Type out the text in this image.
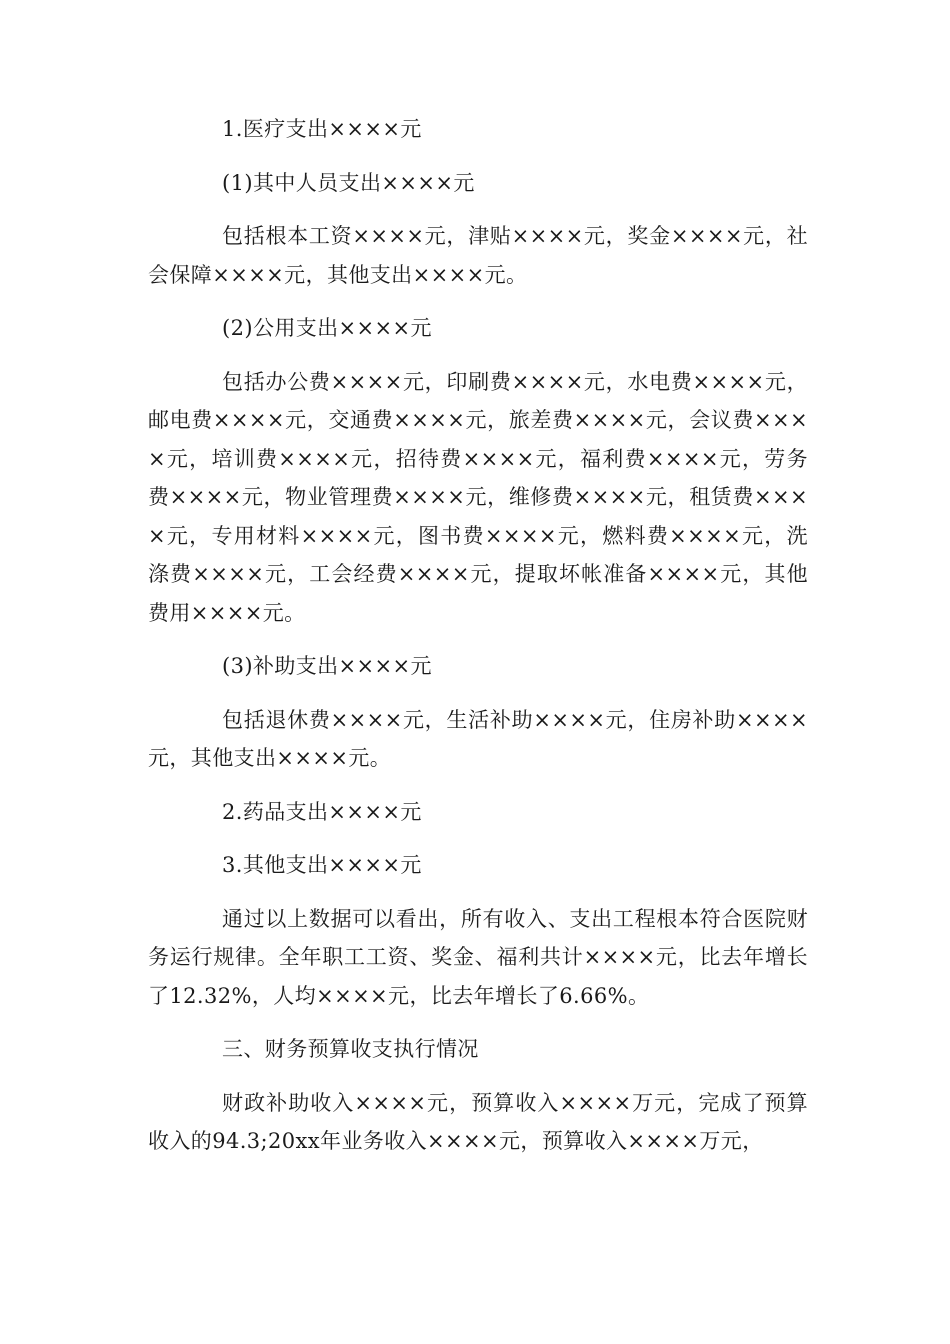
1.医疗支出××××元

(1)其中人员支出××××元

包括根本工资××××元，津贴××××元，奖金××××元，社会保障××××元，其他支出××××元。

(2)公用支出××××元

包括办公费××××元，印刷费××××元，水电费××××元，邮电费××××元，交通费××××元，旅差费××××元，会议费××××元，培训费××××元，招待费××××元，福利费××××元，劳务费××××元，物业管理费××××元，维修费××××元，租赁费××××元，专用材料××××元，图书费××××元，燃料费××××元，洗涤费××××元，工会经费××××元，提取坏帐准备××××元，其他费用××××元。

(3)补助支出××××元

包括退休费××××元，生活补助××××元，住房补助××××元，其他支出××××元。

2.药品支出××××元

3.其他支出××××元

通过以上数据可以看出，所有收入、支出工程根本符合医院财务运行规律。全年职工工资、奖金、福利共计××××元，比去年增长了12.32%，人均××××元，比去年增长了6.66%。

三、财务预算收支执行情况

财政补助收入××××元，预算收入××××万元，完成了预算收入的94.3;20xx年业务收入××××元，预算收入××××万元，
